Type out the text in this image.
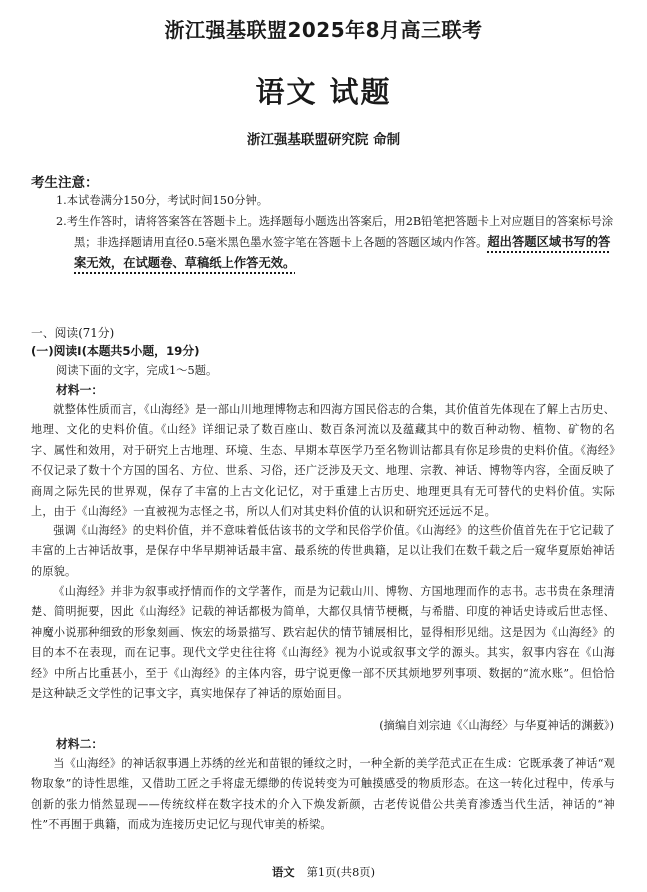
浙江强基联盟2025年8月高三联考
语文 试题
浙江强基联盟研究院 命制
考生注意：
1.本试卷满分150分，考试时间150分钟。
2.考生作答时，请将答案答在答题卡上。选择题每小题选出答案后，用2B铅笔把答题卡上对应题目的答案标号涂黑；非选择题请用直径0.5毫米黑色墨水签字笔在答题卡上各题的答题区域内作答。超出答题区域书写的答案无效，在试题卷、草稿纸上作答无效。
一、阅读(71分)
(一)阅读Ⅰ(本题共5小题，19分)
阅读下面的文字，完成1～5题。
材料一：
就整体性质而言，《山海经》是一部山川地理博物志和四海方国民俗志的合集，其价值首先体现在了解上古历史、地理、文化的史料价值。《山经》详细记录了数百座山、数百条河流以及蕴藏其中的数百种动物、植物、矿物的名字、属性和效用，对于研究上古地理、环境、生态、早期本草医学乃至名物训诂都具有你足珍贵的史料价值。《海经》不仅记录了数十个方国的国名、方位、世系、习俗，还广泛涉及天文、地理、宗教、神话、博物等内容，全面反映了商周之际先民的世界观，保存了丰富的上古文化记忆，对于重建上古历史、地理更具有无可替代的史料价值。实际上，由于《山海经》一直被视为志怪之书，所以人们对其史料价值的认识和研究还远远不足。
强调《山海经》的史料价值，并不意味着低估该书的文学和民俗学价值。《山海经》的这些价值首先在于它记载了丰富的上古神话故事，是保存中华早期神话最丰富、最系统的传世典籍，足以让我们在数千载之后一窥华夏原始神话的原貌。
《山海经》并非为叙事或抒情而作的文学著作，而是为记载山川、博物、方国地理而作的志书。志书贵在条理清楚、简明扼要，因此《山海经》记载的神话都极为简单，大都仅具情节梗概，与希腊、印度的神话史诗或后世志怪、神魔小说那种细致的形象刻画、恢宏的场景描写、跌宕起伏的情节铺展相比，显得相形见绌。这是因为《山海经》的目的本不在表现，而在记事。现代文学史往往将《山海经》视为小说或叙事文学的源头。其实，叙事内容在《山海经》中所占比重甚小，至于《山海经》的主体内容，毋宁说更像一部不厌其烦地罗列事项、数据的“流水账”。但恰恰是这种缺乏文学性的记事文字，真实地保存了神话的原始面目。
(摘编自刘宗迪《〈山海经〉与华夏神话的渊薮》)
材料二：
当《山海经》的神话叙事遇上苏绣的丝光和苗银的锤纹之时，一种全新的美学范式正在生成：它既承袭了神话“观物取象”的诗性思维，又借助工匠之手将虚无缥缈的传说转变为可触摸感受的物质形态。在这一转化过程中，传承与创新的张力悄然显现——传统纹样在数字技术的介入下焕发新颜，古老传说借公共美育渗透当代生活，神话的“神性”不再囿于典籍，而成为连接历史记忆与现代审美的桥梁。
语文 第1页(共8页)
